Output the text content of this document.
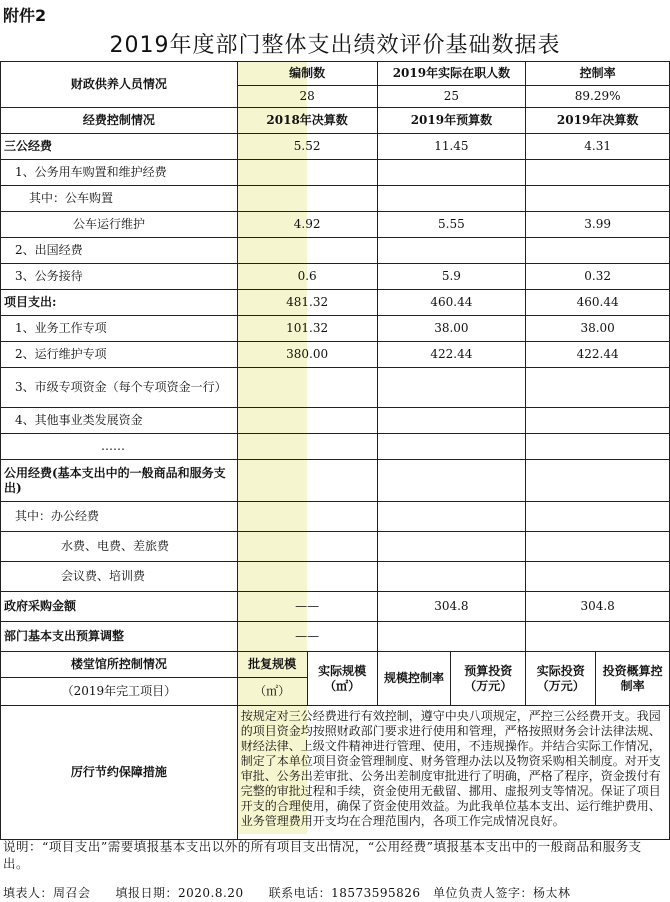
附件2
2019年度部门整体支出绩效评价基础数据表
财政供养人员情况	编制数		2019年实际在职人数		控制率	
	28		25		89.29%	
经费控制情况	2018年决算数		2019年预算数		2019年决算数	
三公经费	5.52		11.45		4.31	
1、公务用车购置和维护经费						
其中：公车购置						
公车运行维护	4.92		5.55		3.99	
2、出国经费						
3、公务接待	0.6		5.9		0.32	
项目支出:	481.32		460.44		460.44	
1、业务工作专项	101.32		38.00		38.00	
2、运行维护专项	380.00		422.44		422.44	
3、市级专项资金（每个专项资金一行）						
4、其他事业类发展资金						
……						
公用经费(基本支出中的一般商品和服务支出)						
其中：办公经费						
水费、电费、差旅费						
会议费、培训费						
政府采购金额	——		304.8		304.8	
部门基本支出预算调整	——					
楼堂馆所控制情况	批复规模	实际规模（㎡）	规模控制率	预算投资（万元）	实际投资（万元）	投资概算控制率
（2019年完工项目）	（㎡）					
厉行节约保障措施	按规定对三公经费进行有效控制，遵守中央八项规定，严控三公经费开支。我园的项目资金均按照财政部门要求进行使用和管理，严格按照财务会计法律法规、财经法律、上级文件精神进行管理、使用，不违规操作。并结合实际工作情况，制定了本单位项目资金管理制度、财务管理办法以及物资采购相关制度。对开支审批、公务出差审批、公务出差制度审批进行了明确，严格了程序，资金拨付有完整的审批过程和手续，资金使用无截留、挪用、虚报列支等情况。保证了项目开支的合理使用，确保了资金使用效益。为此我单位基本支出、运行维护费用、业务管理费用开支均在合理范围内，各项工作完成情况良好。					
说明：“项目支出”需要填报基本支出以外的所有项目支出情况，“公用经费”填报基本支出中的一般商品和服务支出。
填表人：周召会　　填报日期：2020.8.20　　联系电话：18573595826　单位负责人签字：杨太林
